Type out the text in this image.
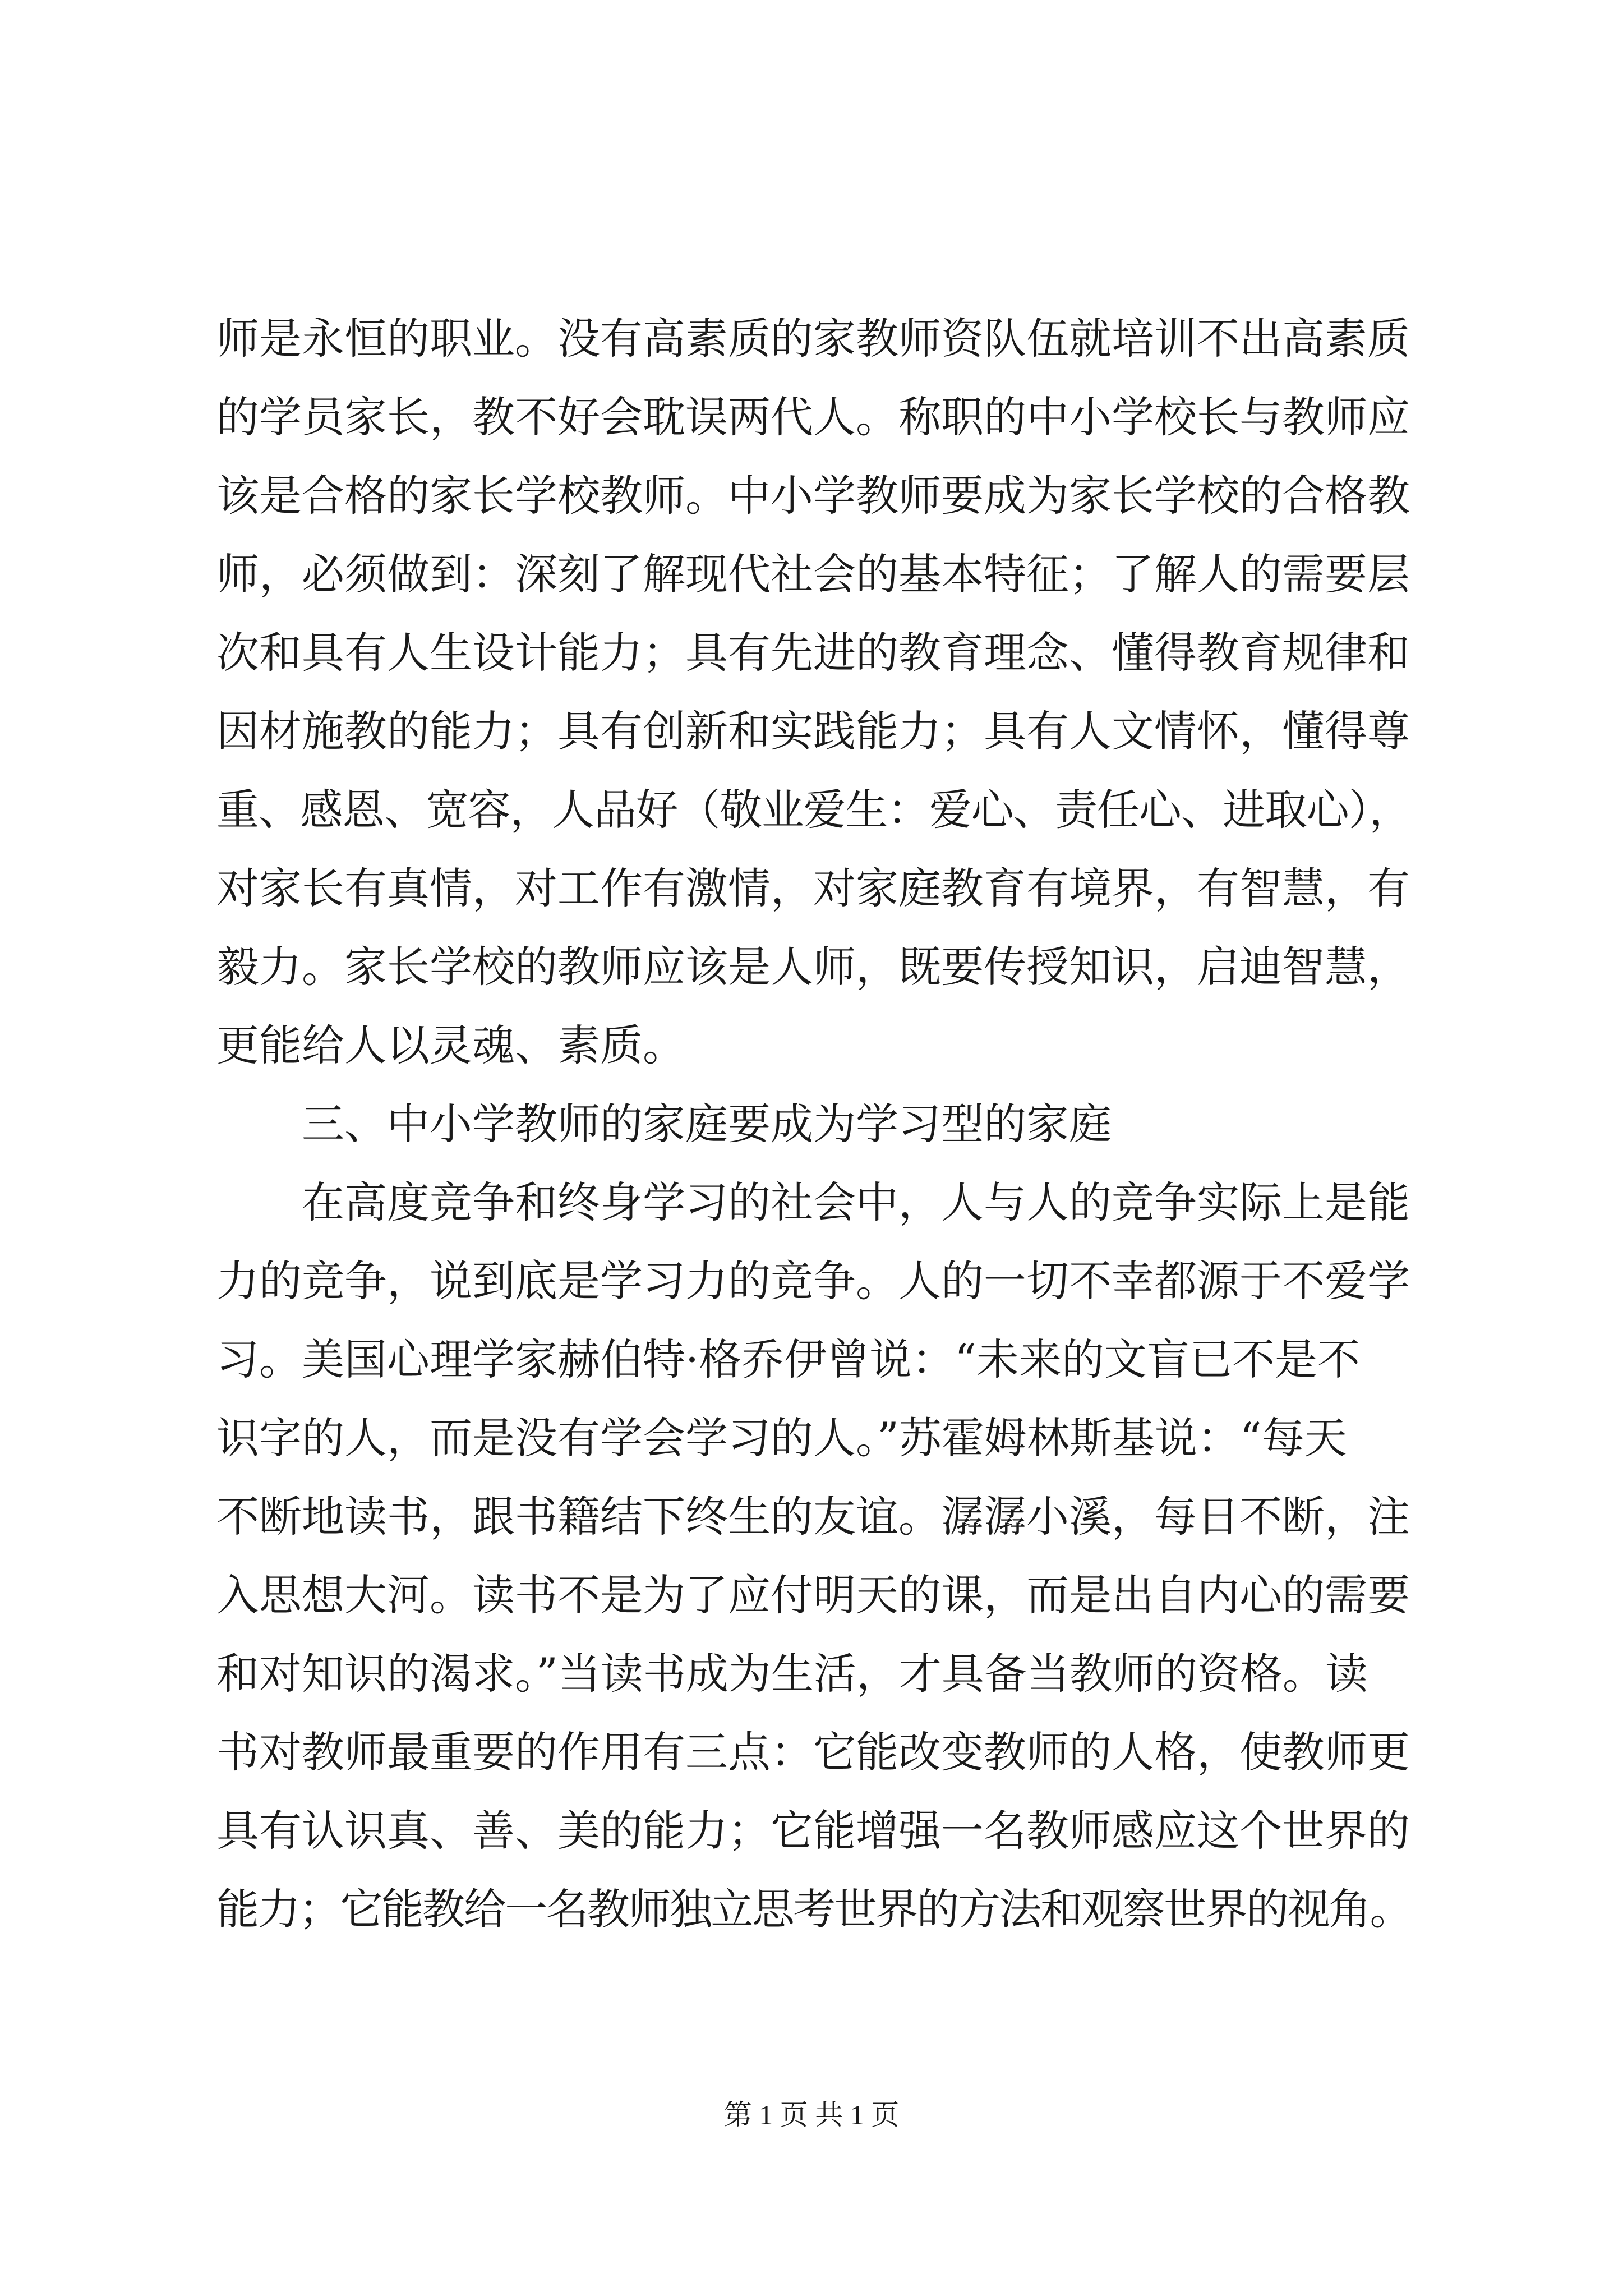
师是永恒的职业。没有高素质的家教师资队伍就培训不出高素质
的学员家长，教不好会耽误两代人。称职的中小学校长与教师应
该是合格的家长学校教师。中小学教师要成为家长学校的合格教
师，必须做到：深刻了解现代社会的基本特征；了解人的需要层
次和具有人生设计能力；具有先进的教育理念、懂得教育规律和
因材施教的能力；具有创新和实践能力；具有人文情怀，懂得尊
重、感恩、宽容，人品好（敬业爱生：爱心、责任心、进取心），
对家长有真情，对工作有激情，对家庭教育有境界，有智慧，有
毅力。家长学校的教师应该是人师，既要传授知识，启迪智慧，
更能给人以灵魂、素质。
三、中小学教师的家庭要成为学习型的家庭
在高度竞争和终身学习的社会中，人与人的竞争实际上是能
力的竞争，说到底是学习力的竞争。人的一切不幸都源于不爱学
习。美国心理学家赫伯特·格乔伊曾说：“未来的文盲已不是不
识字的人，而是没有学会学习的人。”苏霍姆林斯基说：“每天
不断地读书，跟书籍结下终生的友谊。潺潺小溪，每日不断，注
入思想大河。读书不是为了应付明天的课，而是出自内心的需要
和对知识的渴求。”当读书成为生活，才具备当教师的资格。读
书对教师最重要的作用有三点：它能改变教师的人格，使教师更
具有认识真、善、美的能力；它能增强一名教师感应这个世界的
能力；它能教给一名教师独立思考世界的方法和观察世界的视角。
第 1 页 共 1 页
